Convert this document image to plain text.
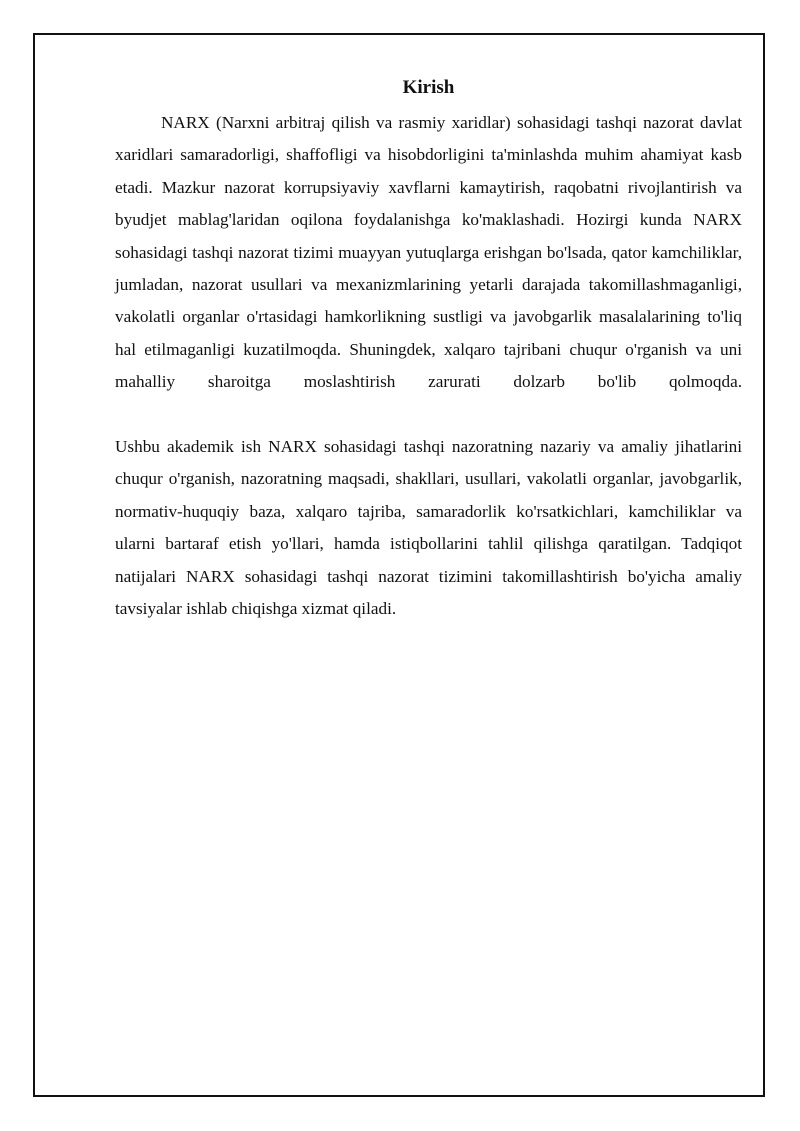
Kirish

NARX (Narxni arbitraj qilish va rasmiy xaridlar) sohasidagi tashqi nazorat davlat xaridlari samaradorligi, shaffofligi va hisobdorligini ta'minlashda muhim ahamiyat kasb etadi. Mazkur nazorat korrupsiyaviy xavflarni kamaytirish, raqobatni rivojlantirish va byudjet mablag'laridan oqilona foydalanishga ko'maklashadi. Hozirgi kunda NARX sohasidagi tashqi nazorat tizimi muayyan yutuqlarga erishgan bo'lsada, qator kamchiliklar, jumladan, nazorat usullari va mexanizmlarining yetarli darajada takomillashmaganligi, vakolatli organlar o'rtasidagi hamkorlikning sustligi va javobgarlik masalalarining to'liq hal etilmaganligi kuzatilmoqda. Shuningdek, xalqaro tajribani chuqur o'rganish va uni mahalliy sharoitga moslashtirish zarurati dolzarb bo'lib qolmoqda.

Ushbu akademik ish NARX sohasidagi tashqi nazoratning nazariy va amaliy jihatlarini chuqur o'rganish, nazoratning maqsadi, shakllari, usullari, vakolatli organlar, javobgarlik, normativ-huquqiy baza, xalqaro tajriba, samaradorlik ko'rsatkichlari, kamchiliklar va ularni bartaraf etish yo'llari, hamda istiqbollarini tahlil qilishga qaratilgan. Tadqiqot natijalari NARX sohasidagi tashqi nazorat tizimini takomillashtirish bo'yicha amaliy tavsiyalar ishlab chiqishga xizmat qiladi.
